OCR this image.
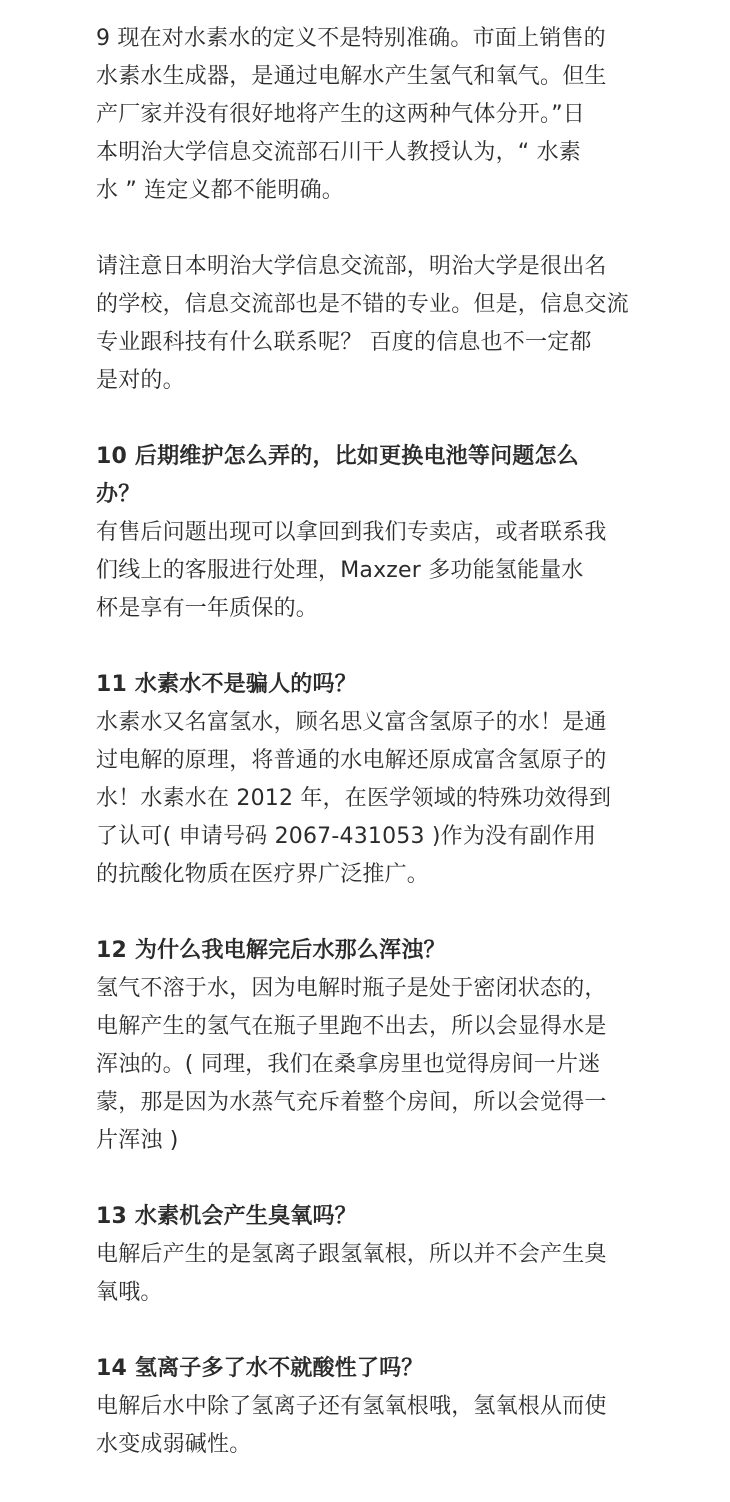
9 现在对水素水的定义不是特别准确。市面上销售的
水素水生成器，是通过电解水产生氢气和氧气。但生
产厂家并没有很好地将产生的这两种气体分开。”日
本明治大学信息交流部石川干人教授认为，“ 水素
水 ” 连定义都不能明确。
请注意日本明治大学信息交流部，明治大学是很出名
的学校，信息交流部也是不错的专业。但是，信息交流
专业跟科技有什么联系呢？ 百度的信息也不一定都
是对的。
10 后期维护怎么弄的，比如更换电池等问题怎么
办？
有售后问题出现可以拿回到我们专卖店，或者联系我
们线上的客服进行处理，Maxzer 多功能氢能量水
杯是享有一年质保的。
11 水素水不是骗人的吗？
水素水又名富氢水，顾名思义富含氢原子的水！是通
过电解的原理，将普通的水电解还原成富含氢原子的
水！水素水在 2012 年，在医学领域的特殊功效得到
了认可( 申请号码 2067-431053 )作为没有副作用
的抗酸化物质在医疗界广泛推广。
12 为什么我电解完后水那么浑浊？
氢气不溶于水，因为电解时瓶子是处于密闭状态的，
电解产生的氢气在瓶子里跑不出去，所以会显得水是
浑浊的。( 同理，我们在桑拿房里也觉得房间一片迷
蒙，那是因为水蒸气充斥着整个房间，所以会觉得一
片浑浊 )
13 水素机会产生臭氧吗？
电解后产生的是氢离子跟氢氧根，所以并不会产生臭
氧哦。
14 氢离子多了水不就酸性了吗？
电解后水中除了氢离子还有氢氧根哦，氢氧根从而使
水变成弱碱性。
